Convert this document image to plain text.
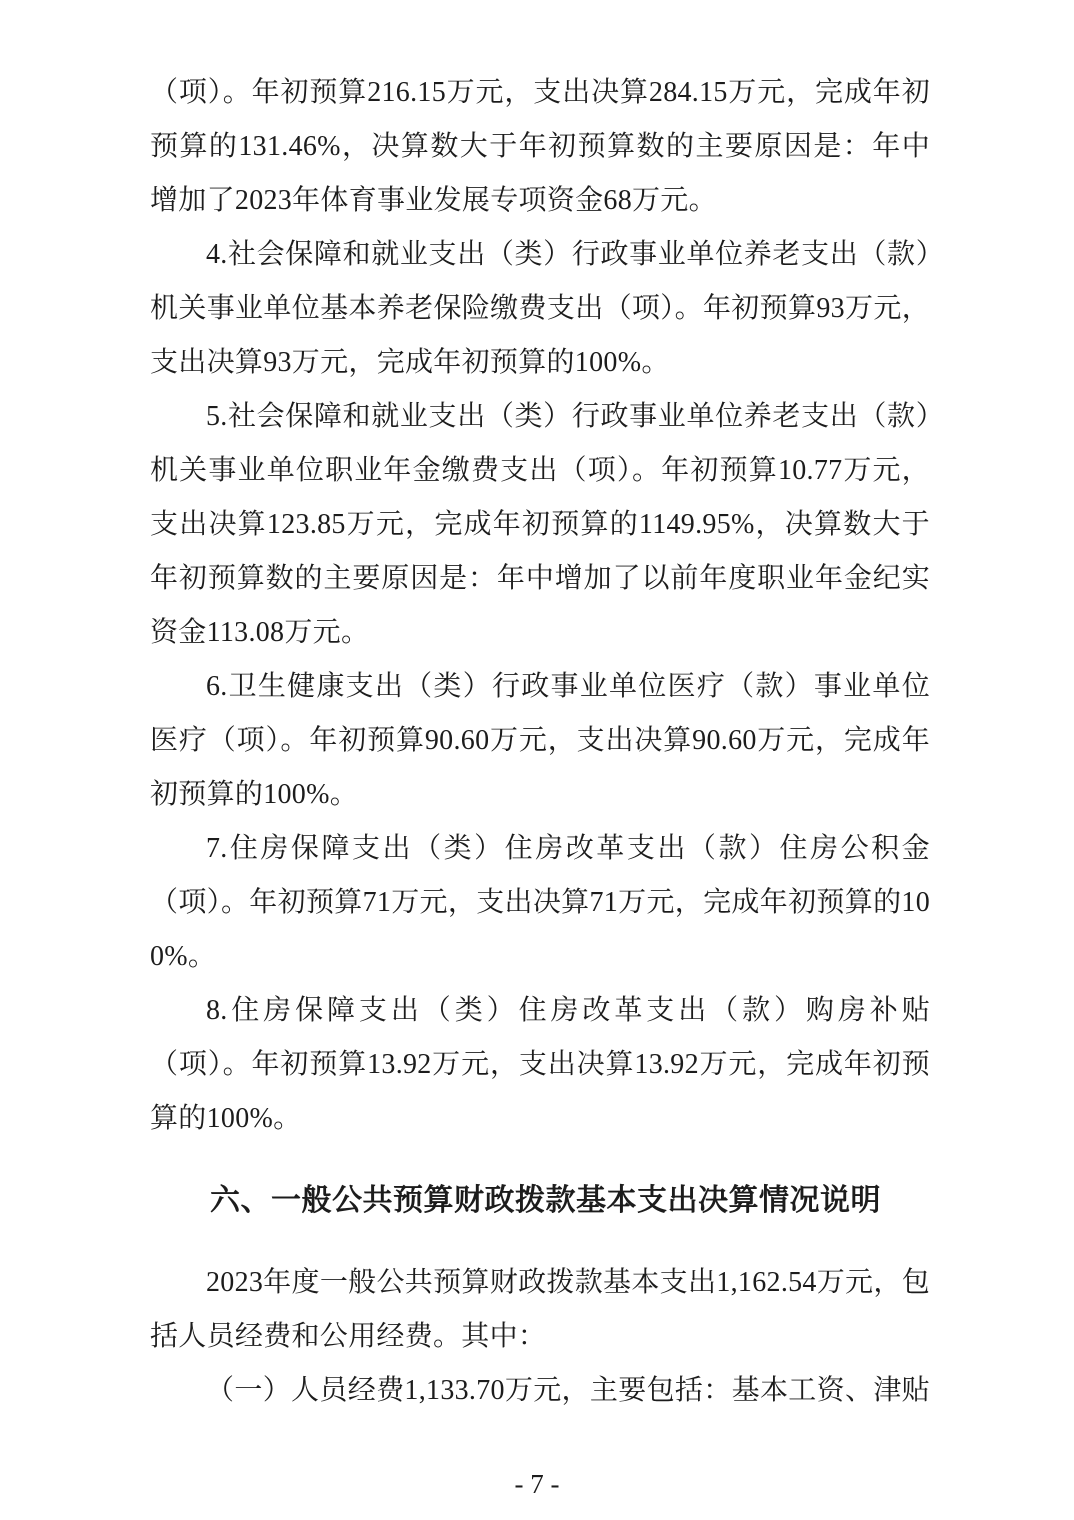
（项）。年初预算216.15万元，支出决算284.15万元，完成年初预算的131.46%，决算数大于年初预算数的主要原因是：年中增加了2023年体育事业发展专项资金68万元。

4.社会保障和就业支出（类）行政事业单位养老支出（款）机关事业单位基本养老保险缴费支出（项）。年初预算93万元，支出决算93万元，完成年初预算的100%。

5.社会保障和就业支出（类）行政事业单位养老支出（款）机关事业单位职业年金缴费支出（项）。年初预算10.77万元，支出决算123.85万元，完成年初预算的1149.95%，决算数大于年初预算数的主要原因是：年中增加了以前年度职业年金纪实资金113.08万元。

6.卫生健康支出（类）行政事业单位医疗（款）事业单位医疗（项）。年初预算90.60万元，支出决算90.60万元，完成年初预算的100%。

7.住房保障支出（类）住房改革支出（款）住房公积金（项）。年初预算71万元，支出决算71万元，完成年初预算的100%。

8.住房保障支出（类）住房改革支出（款）购房补贴（项）。年初预算13.92万元，支出决算13.92万元，完成年初预算的100%。

六、一般公共预算财政拨款基本支出决算情况说明

2023年度一般公共预算财政拨款基本支出1,162.54万元，包括人员经费和公用经费。其中：

（一）人员经费1,133.70万元，主要包括：基本工资、津贴

- 7 -
